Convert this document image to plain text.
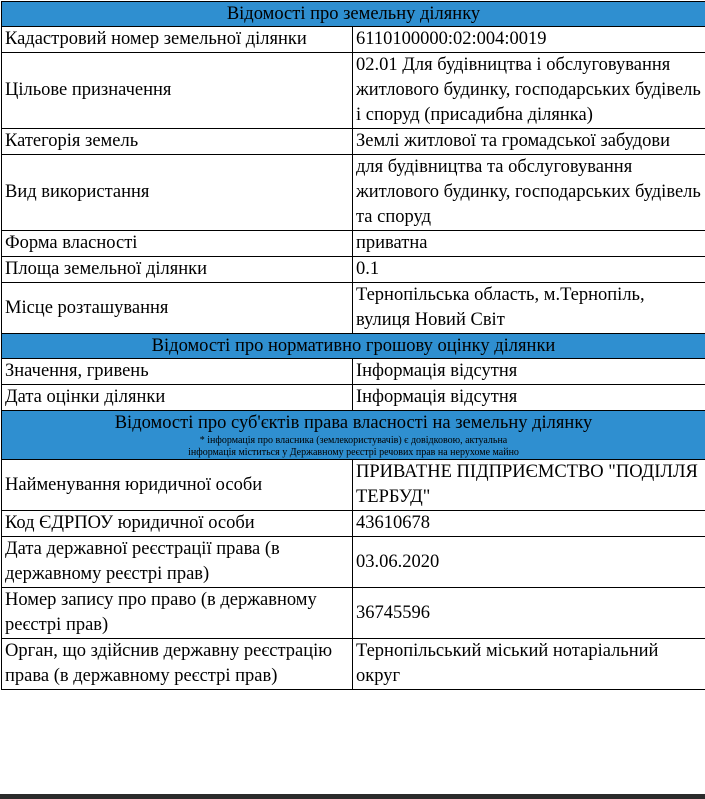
Відомості про земельну ділянку	
Кадастровий номер земельної ділянки	6110100000:02:004:0019
Цільове призначення	02.01 Для будівництва і обслуговування житлового будинку, господарських будівель і споруд (присадибна ділянка)
Категорія земель	Землі житлової та громадської забудови
Вид використання	для будівництва та обслуговування житлового будинку, господарських будівель та споруд
Форма власності	приватна
Площа земельної ділянки	0.1
Місце розташування	Тернопільська область, м.Тернопіль, вулиця Новий Світ
Відомості про нормативно грошову оцінку ділянки	
Значення, гривень	Інформація відсутня
Дата оцінки ділянки	Інформація відсутня
Відомості про суб'єктів права власності на земельну ділянку
* інформація про власника (землекористувачів) є довідковою, актуальна
інформація міститься у Державному реєстрі речових прав на нерухоме майно	

Найменування юридичної особи	ПРИВАТНЕ ПІДПРИЄМСТВО "ПОДІЛЛЯ ТЕРБУД"
Код ЄДРПОУ юридичної особи	43610678
Дата державної реєстрації права (в державному реєстрі прав)	03.06.2020
Номер запису про право (в державному реєстрі прав)	36745596
Орган, що здійснив державну реєстрацію права (в державному реєстрі прав)	Тернопільський міський нотаріальний округ
